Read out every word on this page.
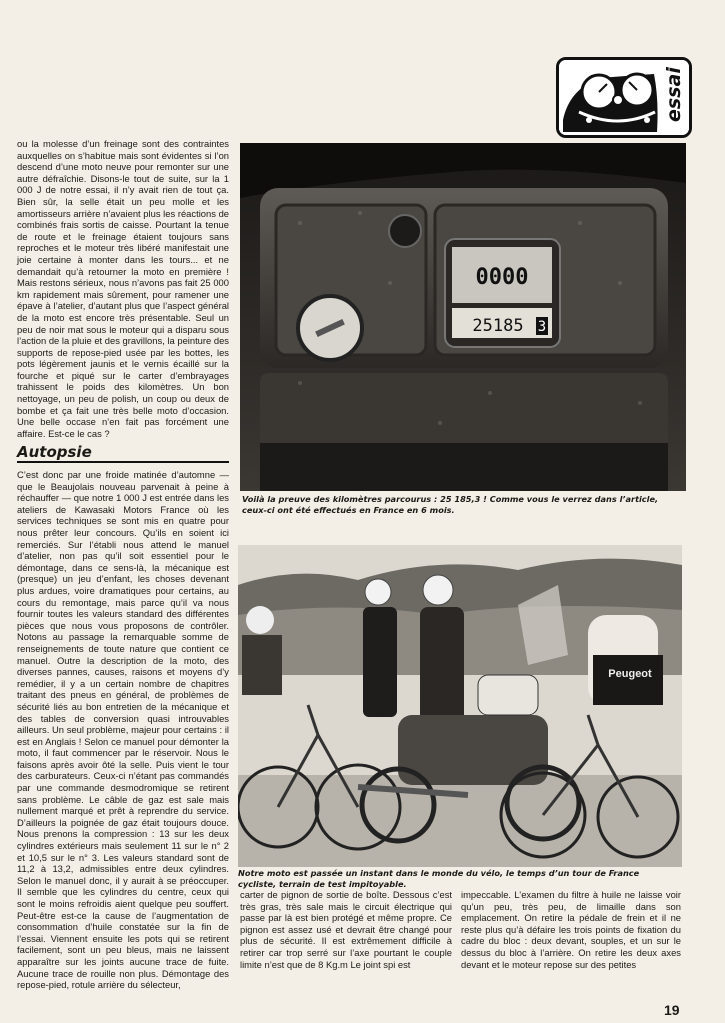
essai

ou la molesse d’un freinage sont des contraintes auxquelles on s’habitue mais sont évidentes si l’on descend d’une moto neuve pour remonter sur une autre défraîchie. Disons-le tout de suite, sur la 1 000 J de notre essai, il n’y avait rien de tout ça. Bien sûr, la selle était un peu molle et les amortisseurs arrière n’avaient plus les réactions de combinés frais sortis de caisse. Pourtant la tenue de route et le freinage étaient toujours sans reproches et le moteur très libéré manifestait une joie certaine à monter dans les tours... et ne demandait qu’à retourner la moto en première ! Mais restons sérieux, nous n’avons pas fait 25 000 km rapidement mais sûrement, pour ramener une épave à l’atelier, d’autant plus que l’aspect général de la moto est encore très présentable. Seul un peu de noir mat sous le moteur qui a disparu sous l’action de la pluie et des gravillons, la peinture des supports de repose-pied usée par les bottes, les pots légèrement jaunis et le vernis écaillé sur la fourche et piqué sur le carter d’embrayages trahissent le poids des kilomètres. Un bon nettoyage, un peu de polish, un coup ou deux de bombe et ça fait une très belle moto d’occasion. Une belle occase n’en fait pas forcément une affaire. Est-ce le cas ?

Autopsie

C’est donc par une froide matinée d’automne — que le Beaujolais nouveau parvenait à peine à réchauffer — que notre 1 000 J est entrée dans les ateliers de Kawasaki Motors France où les services techniques se sont mis en quatre pour nous prêter leur concours. Qu’ils en soient ici remerciés. Sur l’établi nous attend le manuel d’atelier, non pas qu’il soit essentiel pour le démontage, dans ce sens-là, la mécanique est (presque) un jeu d’enfant, les choses devenant plus ardues, voire dramatiques pour certains, au cours du remontage, mais parce qu’il va nous fournir toutes les valeurs standard des différentes pièces que nous vous proposons de contrôler. Notons au passage la remarquable somme de renseignements de toute nature que contient ce manuel. Outre la description de la moto, des diverses pannes, causes, raisons et moyens d’y remédier, il y a un certain nombre de chapitres traitant des pneus en général, de problèmes de sécurité liés au bon entretien de la mécanique et des tables de conversion quasi introuvables ailleurs. Un seul problème, majeur pour certains : il est en Anglais ! Selon ce manuel pour démonter la moto, il faut commencer par le réservoir. Nous le faisons après avoir ôté la selle. Puis vient le tour des carburateurs. Ceux-ci n’étant pas commandés par une commande desmodromique se retirent sans problème. Le câble de gaz est sale mais nullement marqué et prêt à reprendre du service. D’ailleurs la poignée de gaz était toujours douce. Nous prenons la compression : 13 sur les deux cylindres extérieurs mais seulement 11 sur le n° 2 et 10,5 sur le n° 3. Les valeurs standard sont de 11,2 à 13,2, admissibles entre deux cylindres. Selon le manuel donc, il y aurait à se préoccuper. Il semble que les cylindres du centre, ceux qui sont le moins refroidis aient quelque peu souffert. Peut-être est-ce la cause de l’augmentation de consommation d’huile constatée sur la fin de l’essai. Viennent ensuite les pots qui se retirent facilement, sont un peu bleus, mais ne laissent apparaître sur les joints aucune trace de fuite. Aucune trace de rouille non plus. Démontage des repose-pied, rotule arrière du sélecteur,

0000
25185 3
Voilà la preuve des kilomètres parcourus : 25 185,3 ! Comme vous le verrez dans l’article, ceux-ci ont été effectués en France en 6 mois.
Peugeot
Notre moto est passée un instant dans le monde du vélo, le temps d’un tour de France cycliste, terrain de test impitoyable.
carter de pignon de sortie de boîte. Dessous c’est très gras, très sale mais le circuit électrique qui passe par là est bien protégé et même propre. Ce pignon est assez usé et devrait être changé pour plus de sécurité. Il est extrêmement difficile à retirer car trop serré sur l’axe pourtant le couple limite n’est que de 8 Kg.m Le joint spi est
impeccable. L’examen du filtre à huile ne laisse voir qu’un peu, très peu, de limaille dans son emplacement. On retire la pédale de frein et il ne reste plus qu’à défaire les trois points de fixation du cadre du bloc : deux devant, souples, et un sur le dessus du bloc à l’arrière. On retire les deux axes devant et le moteur repose sur des petites
19
